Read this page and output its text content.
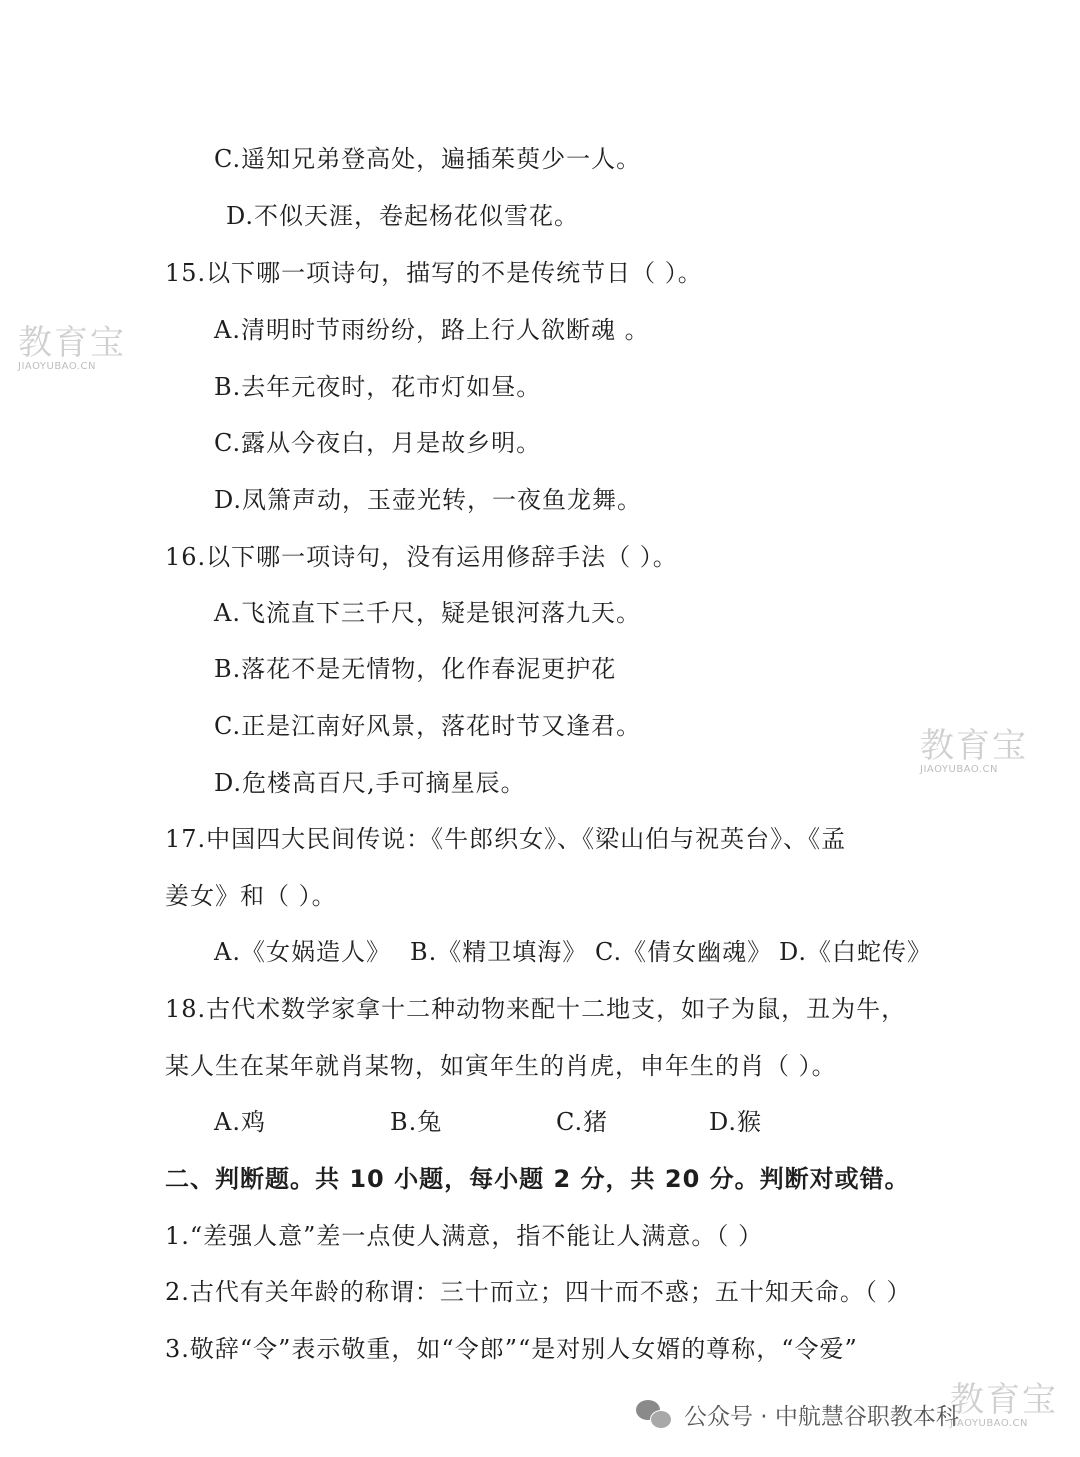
C.遥知兄弟登高处，遍插茱萸少一人。
D.不似天涯，卷起杨花似雪花。
15.以下哪一项诗句，描写的不是传统节日（ ）。
A.清明时节雨纷纷，路上行人欲断魂 。
B.去年元夜时，花市灯如昼。
C.露从今夜白，月是故乡明。
D.凤箫声动，玉壶光转，一夜鱼龙舞。
16.以下哪一项诗句，没有运用修辞手法（ ）。
A.飞流直下三千尺，疑是银河落九天。
B.落花不是无情物，化作春泥更护花
C.正是江南好风景，落花时节又逢君。
D.危楼高百尺,手可摘星辰。
17.中国四大民间传说：《牛郎织女》、《梁山伯与祝英台》、《孟
姜女》和（ ）。
A.《女娲造人》 B.《精卫填海》 C.《倩女幽魂》 D.《白蛇传》
18.古代术数学家拿十二种动物来配十二地支，如子为鼠，丑为牛，
某人生在某年就肖某物，如寅年生的肖虎，申年生的肖（ ）。
A.鸡	B.兔	C.猪	D.猴
二、判断题。共 10 小题，每小题 2 分，共 20 分。判断对或错。
1.“差强人意”差一点使人满意，指不能让人满意。（ ）
2.古代有关年龄的称谓：三十而立；四十而不惑；五十知天命。（ ）
3.敬辞“令”表示敬重，如“令郎”“是对别人女婿的尊称，“令爱”
教育宝
JIAOYUBAO.CN
教育宝
JIAOYUBAO.CN
教育宝
JIAOYUBAO.CN
公众号 · 中航慧谷职教本科
